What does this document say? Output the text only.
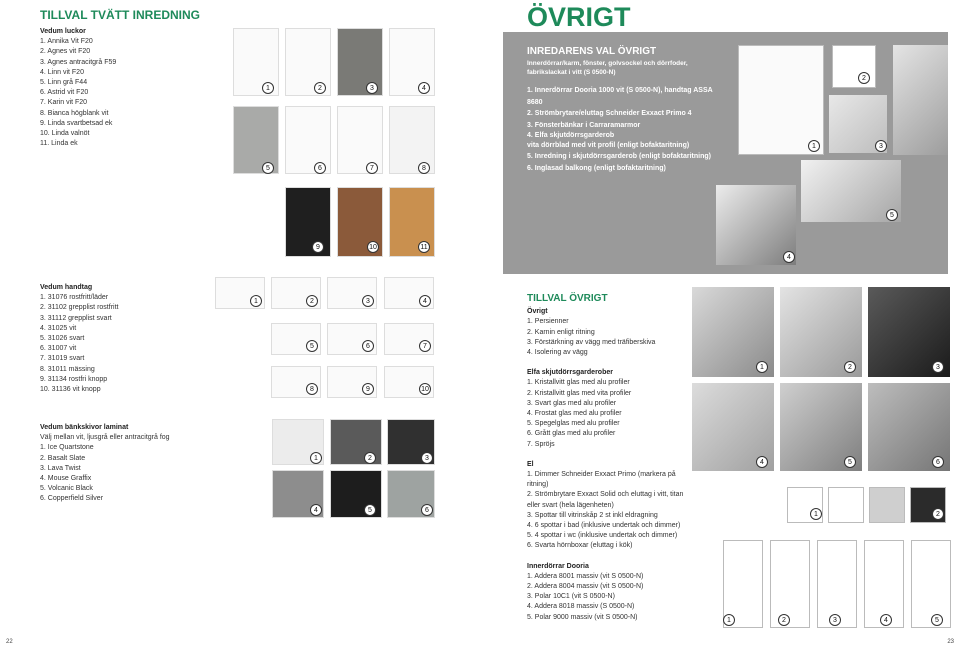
TILLVAL TVÄTT INREDNING
Vedum luckor
1. Annika Vit F20
2. Agnes vit F20
3. Agnes antracitgrå F59
4. Linn vit F20
5. Linn grå F44
6. Astrid vit F20
7. Karin vit F20
8. Bianca högblank vit
9. Linda svartbetsad ek
10. Linda valnöt
11. Linda ek
1	2	3	4
5	6	7	8
9	10	11
Vedum handtag
1. 31076 rostfritt/läder
2. 31102 grepplist rostfritt
3. 31112 grepplist svart
4. 31025 vit
5. 31026 svart
6. 31007 vit
7. 31019 svart
8. 31011 mässing
9. 31134 rostfri knopp
10. 31136 vit knopp
1	2	3	4
5	6	7
8	9	10
Vedum bänkskivor laminat
Välj mellan vit, ljusgrå eller antracitgrå fog
1. Ice Quartstone
2. Basalt Slate
3. Lava Twist
4. Mouse Graffix
5. Volcanic Black
6. Copperfield Silver
1	2	3
4	5	6
22
ÖVRIGT
INREDARENS VAL ÖVRIGT
Innerdörrar/karm, fönster, golvsockel och dörrfoder,
fabrikslackat i vitt (S 0500-N)
1. Innerdörrar Dooria 1000 vit (S 0500-N), handtag ASSA 8680
2. Strömbrytare/eluttag Schneider Exxact Primo 4
3. Fönsterbänkar i Carraramarmor
4. Elfa skjutdörrsgarderob
vita dörrblad med vit profil (enligt bofaktaritning)
5. Inredning i skjutdörrsgarderob (enligt bofaktaritning)
6. Inglasad balkong (enligt bofaktaritning)
2
1	3
5
4
TILLVAL ÖVRIGT
Övrigt
1. Persienner
2. Karnin enligt ritning
3. Förstärkning av vägg med träfiberskiva
4. Isolering av vägg
Elfa skjutdörrsgarderober
1. Kristallvitt glas med alu profiler
2. Kristallvitt glas med vita profiler
3. Svart glas med alu profiler
4. Frostat glas med alu profiler
5. Spegelglas med alu profiler
6. Grått glas med alu profiler
7. Spröjs
El
1. Dimmer Schneider Exxact Primo (markera på ritning)
2. Strömbrytare Exxact Solid och eluttag i vitt, titan
eller svart (hela lägenheten)
3. Spottar till vitrinskåp 2 st inkl eldragning
4. 6 spottar i bad (inklusive undertak och dimmer)
5. 4 spottar i wc (inklusive undertak och dimmer)
6. Svarta hörnboxar (eluttag i kök)
Innerdörrar Dooria
1. Addera 8001 massiv (vit S 0500-N)
2. Addera 8004 massiv (vit S 0500-N)
3. Polar 10C1 (vit S 0500-N)
4. Addera 8018 massiv (S 0500-N)
5. Polar 9000 massiv (vit S 0500-N)
1	2	3
4	5	6
1	2
1	2	3	4	5
23
